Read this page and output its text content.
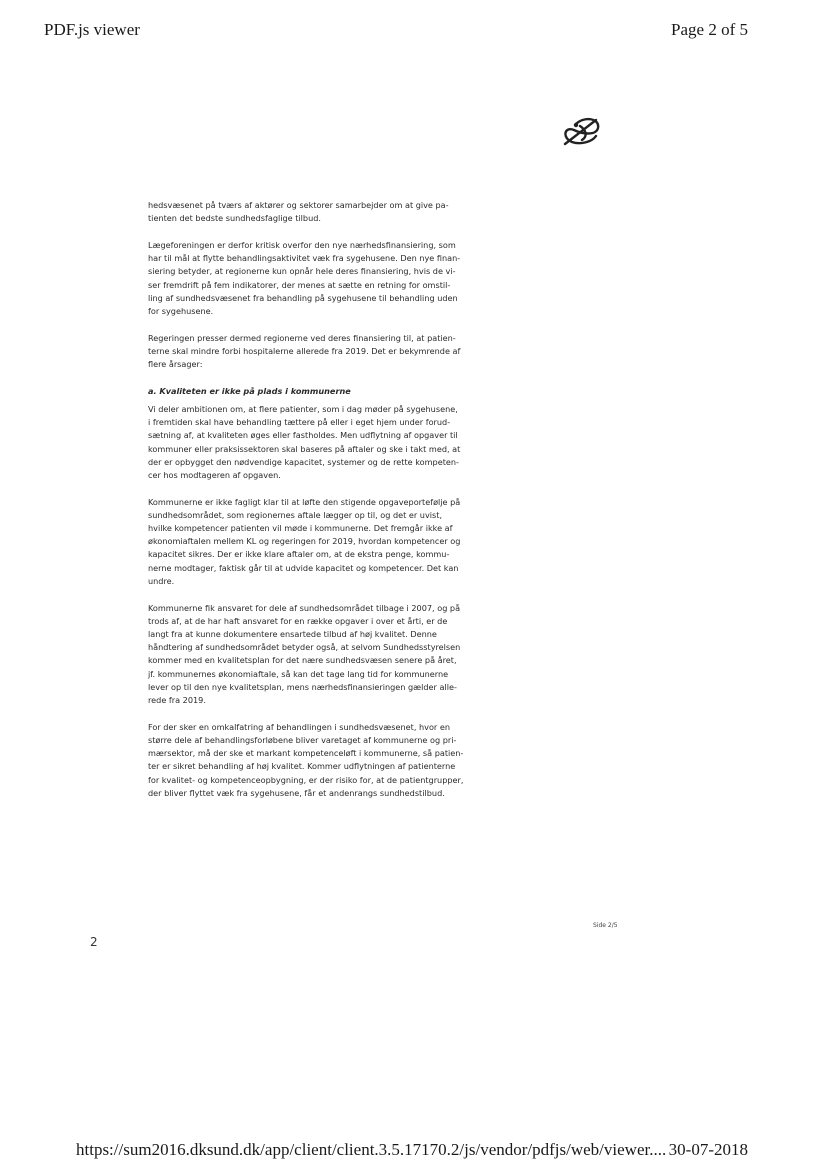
PDF.js viewer	Page 2 of 5
hedsvæsenet på tværs af aktører og sektorer samarbejder om at give pa-
tienten det bedste sundhedsfaglige tilbud.
Lægeforeningen er derfor kritisk overfor den nye nærhedsfinansiering, som
har til mål at flytte behandlingsaktivitet væk fra sygehusene. Den nye finan-
siering betyder, at regionerne kun opnår hele deres finansiering, hvis de vi-
ser fremdrift på fem indikatorer, der menes at sætte en retning for omstil-
ling af sundhedsvæsenet fra behandling på sygehusene til behandling uden
for sygehusene.
Regeringen presser dermed regionerne ved deres finansiering til, at patien-
terne skal mindre forbi hospitalerne allerede fra 2019. Det er bekymrende af
flere årsager:
a. Kvaliteten er ikke på plads i kommunerne
Vi deler ambitionen om, at flere patienter, som i dag møder på sygehusene,
i fremtiden skal have behandling tættere på eller i eget hjem under forud-
sætning af, at kvaliteten øges eller fastholdes. Men udflytning af opgaver til
kommuner eller praksissektoren skal baseres på aftaler og ske i takt med, at
der er opbygget den nødvendige kapacitet, systemer og de rette kompeten-
cer hos modtageren af opgaven.
Kommunerne er ikke fagligt klar til at løfte den stigende opgaveportefølje på
sundhedsområdet, som regionernes aftale lægger op til, og det er uvist,
hvilke kompetencer patienten vil møde i kommunerne. Det fremgår ikke af
økonomiaftalen mellem KL og regeringen for 2019, hvordan kompetencer og
kapacitet sikres. Der er ikke klare aftaler om, at de ekstra penge, kommu-
nerne modtager, faktisk går til at udvide kapacitet og kompetencer. Det kan
undre.
Kommunerne fik ansvaret for dele af sundhedsområdet tilbage i 2007, og på
trods af, at de har haft ansvaret for en række opgaver i over et årti, er de
langt fra at kunne dokumentere ensartede tilbud af høj kvalitet. Denne
håndtering af sundhedsområdet betyder også, at selvom Sundhedsstyrelsen
kommer med en kvalitetsplan for det nære sundhedsvæsen senere på året,
jf. kommunernes økonomiaftale, så kan det tage lang tid for kommunerne
lever op til den nye kvalitetsplan, mens nærhedsfinansieringen gælder alle-
rede fra 2019.
For der sker en omkalfatring af behandlingen i sundhedsvæsenet, hvor en
større dele af behandlingsforløbene bliver varetaget af kommunerne og pri-
mærsektor, må der ske et markant kompetenceløft i kommunerne, så patien-
ter er sikret behandling af høj kvalitet. Kommer udflytningen af patienterne
for kvalitet- og kompetenceopbygning, er der risiko for, at de patientgrupper,
der bliver flyttet væk fra sygehusene, får et andenrangs sundhedstilbud.
Side 2/5
2
https://sum2016.dksund.dk/app/client/client.3.5.17170.2/js/vendor/pdfjs/web/viewer.... 30-07-2018
